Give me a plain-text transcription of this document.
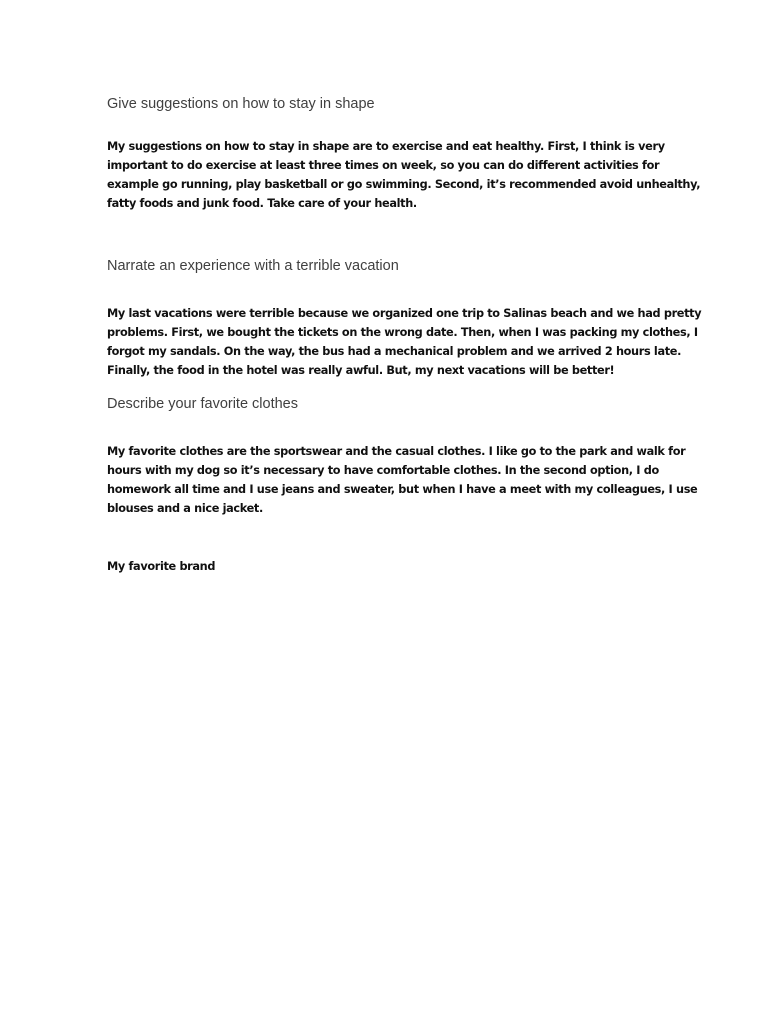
Give suggestions on how to stay in shape

My suggestions on how to stay in shape are to exercise and eat healthy. First, I think is very
important to do exercise at least three times on week, so you can do different activities for
example go running, play basketball or go swimming. Second, it’s recommended avoid unhealthy,
fatty foods and junk food. Take care of your health.

Narrate an experience with a terrible vacation

My last vacations were terrible because we organized one trip to Salinas beach and we had pretty
problems. First, we bought the tickets on the wrong date. Then, when I was packing my clothes, I
forgot my sandals. On the way, the bus had a mechanical problem and we arrived 2 hours late.
Finally, the food in the hotel was really awful. But, my next vacations will be better!

Describe your favorite clothes

My favorite clothes are the sportswear and the casual clothes. I like go to the park and walk for
hours with my dog so it’s necessary to have comfortable clothes. In the second option, I do
homework all time and I use jeans and sweater, but when I have a meet with my colleagues, I use
blouses and a nice jacket.

My favorite brand
